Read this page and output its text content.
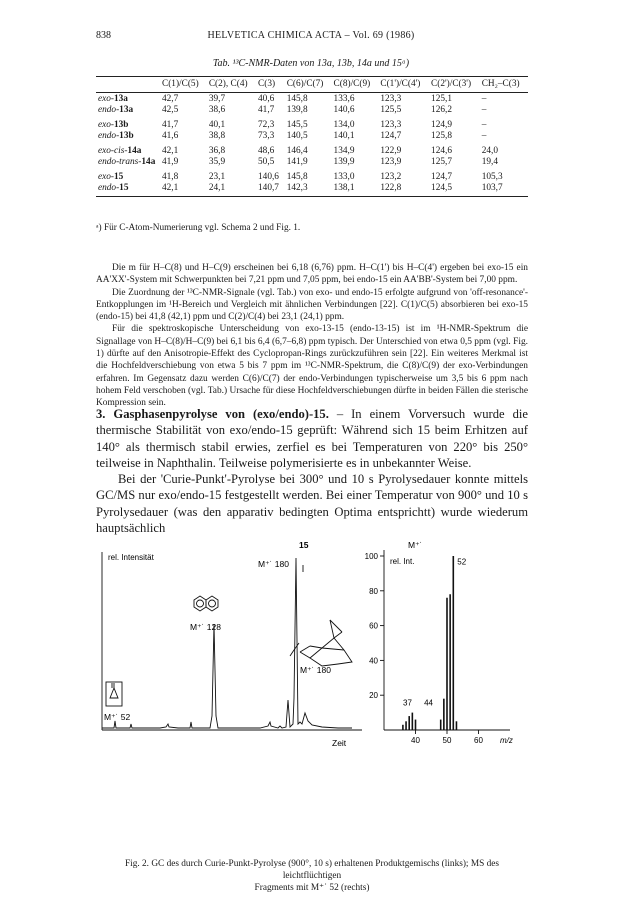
838	HELVETICA CHIMICA ACTA – Vol. 69 (1986)
Tab. ¹³C-NMR-Daten von 13a, 13b, 14a und 15ᵃ)
	C(1)/C(5)	C(2), C(4)	C(3)	C(6)/C(7)	C(8)/C(9)	C(1')/C(4')	C(2')/C(3')	CH₂–C(3)
exo-13a	42,7	39,7	40,6	145,8	133,6	123,3	125,1	–
endo-13a	42,5	38,6	41,7	139,8	140,6	125,5	126,2	–
exo-13b	41,7	40,1	72,3	145,5	134,0	123,3	124,9	–
endo-13b	41,6	38,8	73,3	140,5	140,1	124,7	125,8	–
exo-cis-14a	42,1	36,8	48,6	146,4	134,9	122,9	124,6	24,0
endo-trans-14a	41,9	35,9	50,5	141,9	139,9	123,9	125,7	19,4
exo-15	41,8	23,1	140,6	145,8	133,0	123,2	124,7	105,3
endo-15	42,1	24,1	140,7	142,3	138,1	122,8	124,5	103,7
ᵃ) Für C-Atom-Numerierung vgl. Schema 2 und Fig. 1.

Die m für H–C(8) und H–C(9) erscheinen bei 6,18 (6,76) ppm. H–C(1') bis H–C(4') ergeben bei exo-15 ein AA'XX'-System mit Schwerpunkten bei 7,21 ppm und 7,05 ppm, bei endo-15 ein AA'BB'-System bei 7,00 ppm.

Die Zuordnung der ¹³C-NMR-Signale (vgl. Tab.) von exo- und endo-15 erfolgte aufgrund von 'off-resonance'-Entkopplungen im ¹H-Bereich und Vergleich mit ähnlichen Verbindungen [22]. C(1)/C(5) absorbieren bei exo-15 (endo-15) bei 41,8 (42,1) ppm und C(2)/C(4) bei 23,1 (24,1) ppm.

Für die spektroskopische Unterscheidung von exo-13-15 (endo-13-15) ist im ¹H-NMR-Spektrum die Signallage von H–C(8)/H–C(9) bei 6,1 bis 6,4 (6,7–6,8) ppm typisch. Der Unterschied von etwa 0,5 ppm (vgl. Fig. 1) dürfte auf den Anisotropie-Effekt des Cyclopropan-Rings zurückzuführen sein [22]. Ein weiteres Merkmal ist die Hochfeldverschiebung von etwa 5 bis 7 ppm im ¹³C-NMR-Spektrum, die C(8)/C(9) der exo-Verbindungen erfahren. Im Gegensatz dazu werden C(6)/C(7) der endo-Verbindungen typischerweise um 3,5 bis 6 ppm nach hohem Feld verschoben (vgl. Tab.) Ursache für diese Hochfeldverschiebungen dürfte in beiden Fällen die sterische Kompression sein.

3. Gasphasenpyrolyse von (exo/endo)-15. – In einem Vorversuch wurde die thermische Stabilität von exo/endo-15 geprüft: Während sich 15 beim Erhitzen auf 140° als thermisch stabil erwies, zerfiel es bei Temperaturen von 220° bis 250° teilweise in Naphthalin. Teilweise polymerisierte es in unbekannter Weise.

Bei der 'Curie-Punkt'-Pyrolyse bei 300° und 10 s Pyrolysedauer konnte mittels GC/MS nur exo/endo-15 festgestellt werden. Bei einer Temperatur von 900° und 10 s Pyrolysedauer (was den apparativ bedingten Optima entsprichtt) wurde wiederum hauptsächlich

rel. Intensität
15
M⁺˙ 180
M⁺˙ 128
M⁺˙ 180
M⁺˙ 52
Zeit
20
40
60
80
100
40	50	60
rel. Int.
m/z
37 44
52
M⁺˙
Fig. 2. GC des durch Curie-Punkt-Pyrolyse (900°, 10 s) erhaltenen Produktgemischs (links); MS des leichtflüchtigen
Fragments mit M⁺˙ 52 (rechts)
